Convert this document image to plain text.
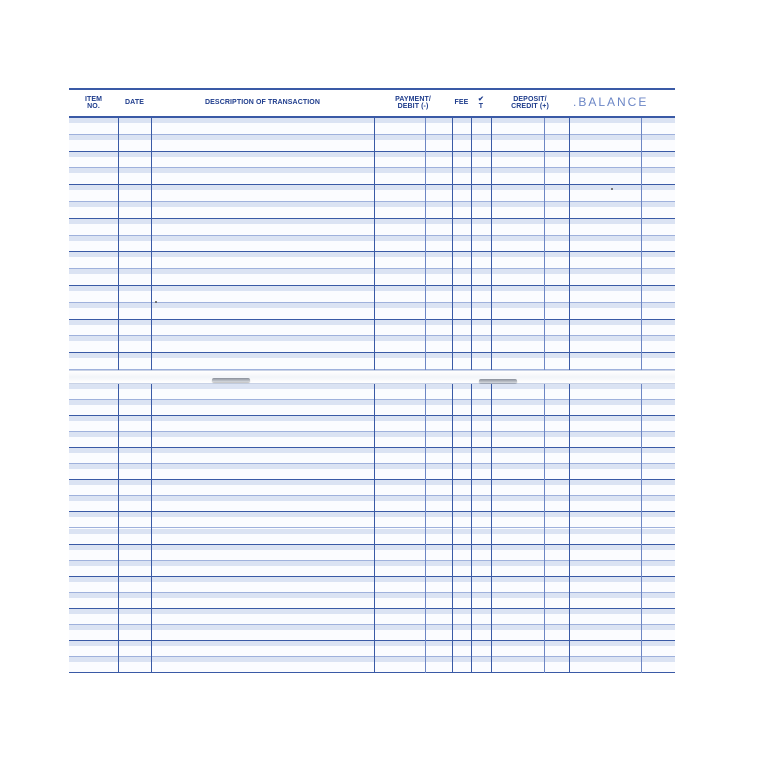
ITEM
NO.
DATE	DESCRIPTION OF TRANSACTION
PAYMENT/
DEBIT (-)
FEE
✔
T
DEPOSIT/
CREDIT (+)	.BALANCE
